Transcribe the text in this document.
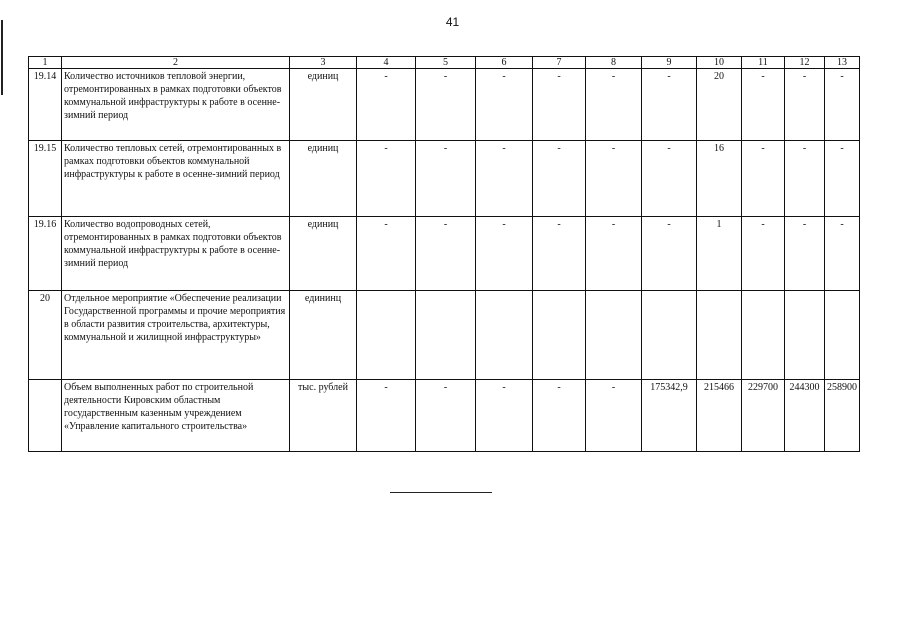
41
1	2	3	4	5	6	7	8	9	10	11	12	13
19.14	Количество источников тепловой энергии, отремонтированных в рамках подготовки объектов коммунальной инфраструктуры к работе в осенне-зимний период	единиц	-	-	-	-	-	-	20	-	-	-
19.15	Количество тепловых сетей, отремонтированных в рамках подготовки объектов коммунальной инфраструктуры к работе в осенне-зимний период	единиц	-	-	-	-	-	-	16	-	-	-
19.16	Количество водопроводных сетей, отремонтированных в рамках подготовки объектов коммунальной инфраструктуры к работе в осенне-зимний период	единиц	-	-	-	-	-	-	1	-	-	-
20	Отдельное мероприятие «Обеспечение реализации Государственной программы и прочие мероприятия в области развития строительства, архитектуры, коммунальной и жилищной инфраструктуры»	едининц										
	Объем выполненных работ по строительной деятельности Кировским областным государственным казенным учреждением «Управление капитального строительства»	тыс. рублей	-	-	-	-	-	175342,9	215466	229700	244300	258900
